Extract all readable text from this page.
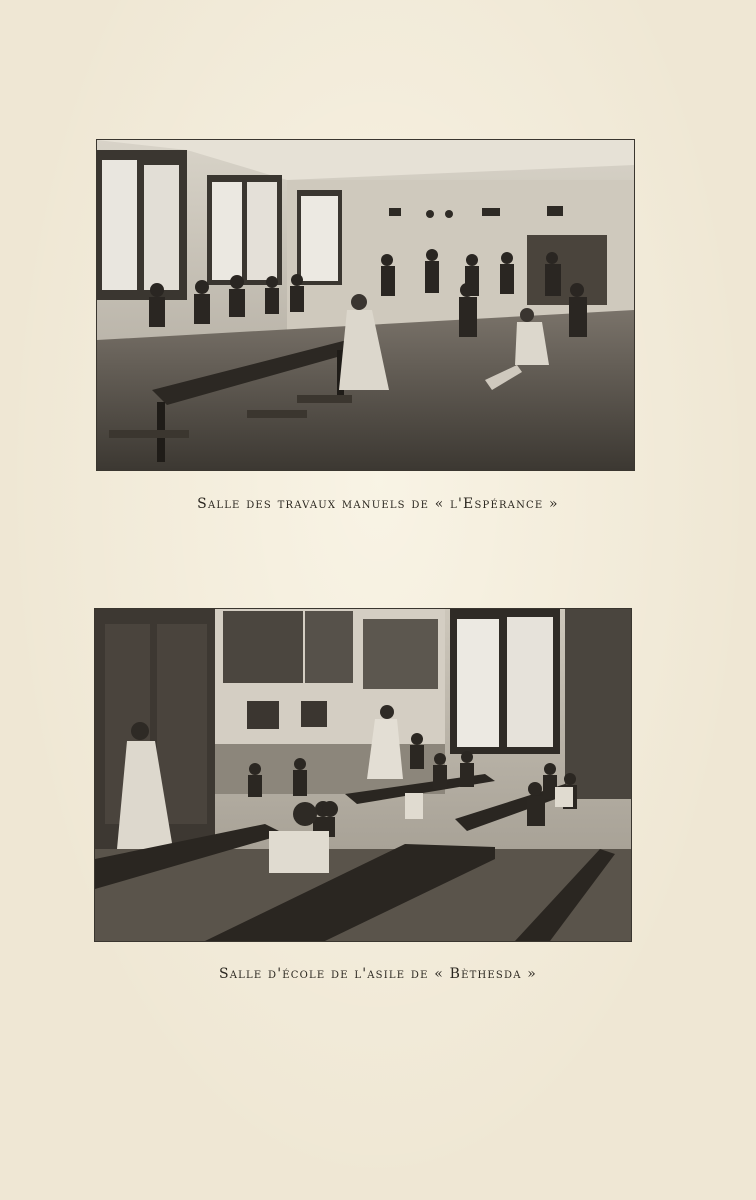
Salle des travaux manuels de « l'Espérance »
Salle d'école de l'asile de « Bèthesda »
